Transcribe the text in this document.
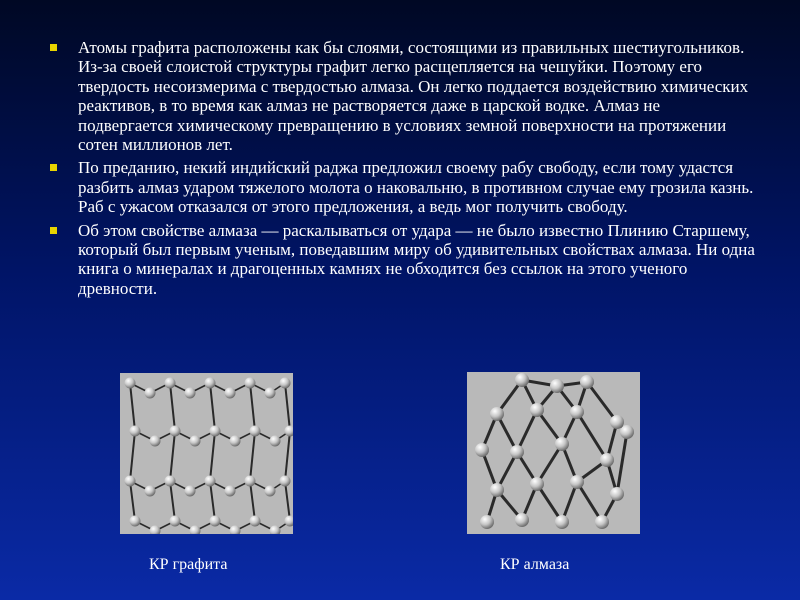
Атомы графита расположены как бы слоями, состоящими из правильных шестиугольников. Из-за своей слоистой структуры графит легко расщепляется на чешуйки. Поэтому его твердость несоизмерима с твердостью алмаза. Он легко поддается воздействию химических реактивов, в то время как алмаз не растворяется даже в царской водке. Алмаз не подвергается химическому превращению в условиях земной поверхности на протяжении сотен миллионов лет.
По преданию, некий индийский раджа предложил своему рабу свободу, если тому удастся разбить алмаз ударом тяжелого молота о наковальню, в противном случае ему грозила казнь. Раб с ужасом отказался от этого предложения, а ведь мог получить свободу.
Об этом свойстве алмаза — раскалываться от удара — не было известно Плинию Старшему, который был первым ученым, поведавшим миру об удивительных свойствах алмаза. Ни одна книга о минералах и драгоценных камнях не обходится без ссылок на этого ученого древности.
КР графита	КР алмаза
